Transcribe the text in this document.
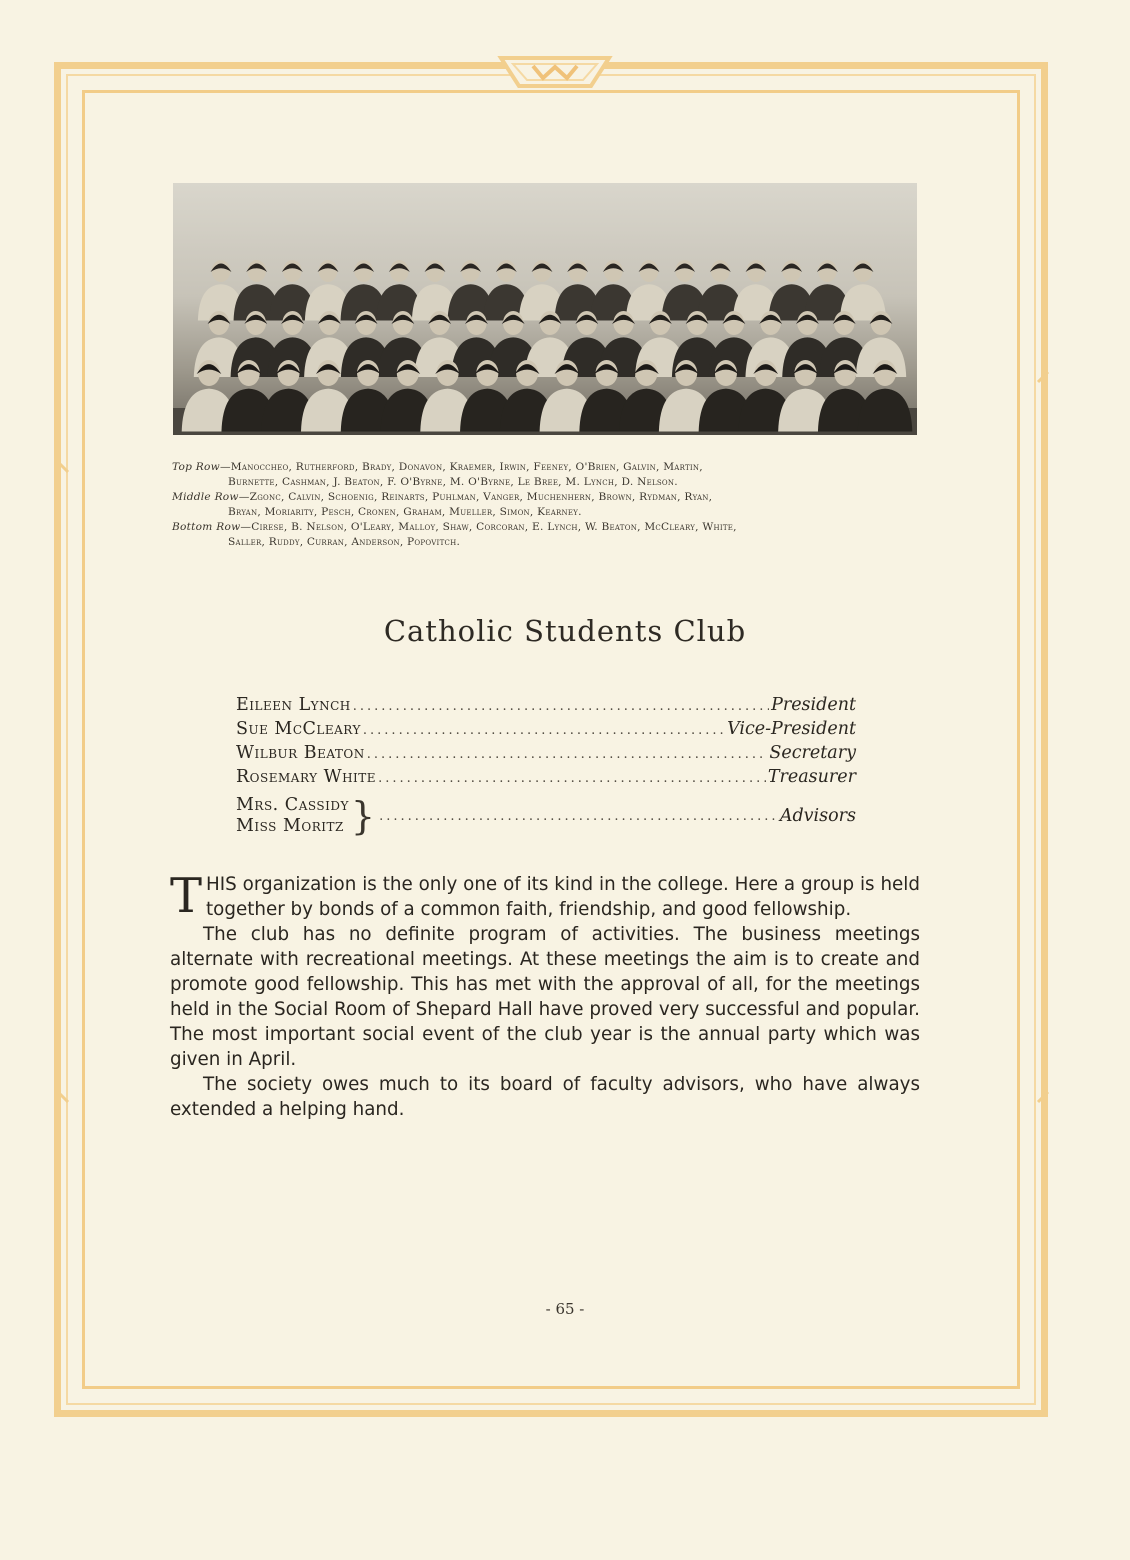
Top Row—Manoccheo, Rutherford, Brady, Donavon, Kraemer, Irwin, Feeney, O'Brien, Galvin, Martin,
Burnette, Cashman, J. Beaton, F. O'Byrne, M. O'Byrne, Le Bree, M. Lynch, D. Nelson.
Middle Row—Zgonc, Calvin, Schoenig, Reinarts, Puhlman, Vanger, Muchenhern, Brown, Rydman, Ryan,
Bryan, Moriarity, Pesch, Cronen, Graham, Mueller, Simon, Kearney.
Bottom Row—Cirese, B. Nelson, O'Leary, Malloy, Shaw, Corcoran, E. Lynch, W. Beaton, McCleary, White,
Saller, Ruddy, Curran, Anderson, Popovitch.
Catholic Students Club
Eileen Lynch .....	President
Sue McCleary .....	Vice-President
Wilbur Beaton .....	Secretary
Rosemary White .....	Treasurer
Mrs. Cassidy
Miss Moritz } .....	Advisors

THIS organization is the only one of its kind in the college. Here a group is held together by bonds of a common faith, friendship, and good fellowship.

The club has no definite program of activities. The business meetings alternate with recreational meetings. At these meetings the aim is to create and promote good fellowship. This has met with the approval of all, for the meetings held in the Social Room of Shepard Hall have proved very successful and popular. The most important social event of the club year is the annual party which was given in April.

The society owes much to its board of faculty advisors, who have always extended a helping hand.

- 65 -
